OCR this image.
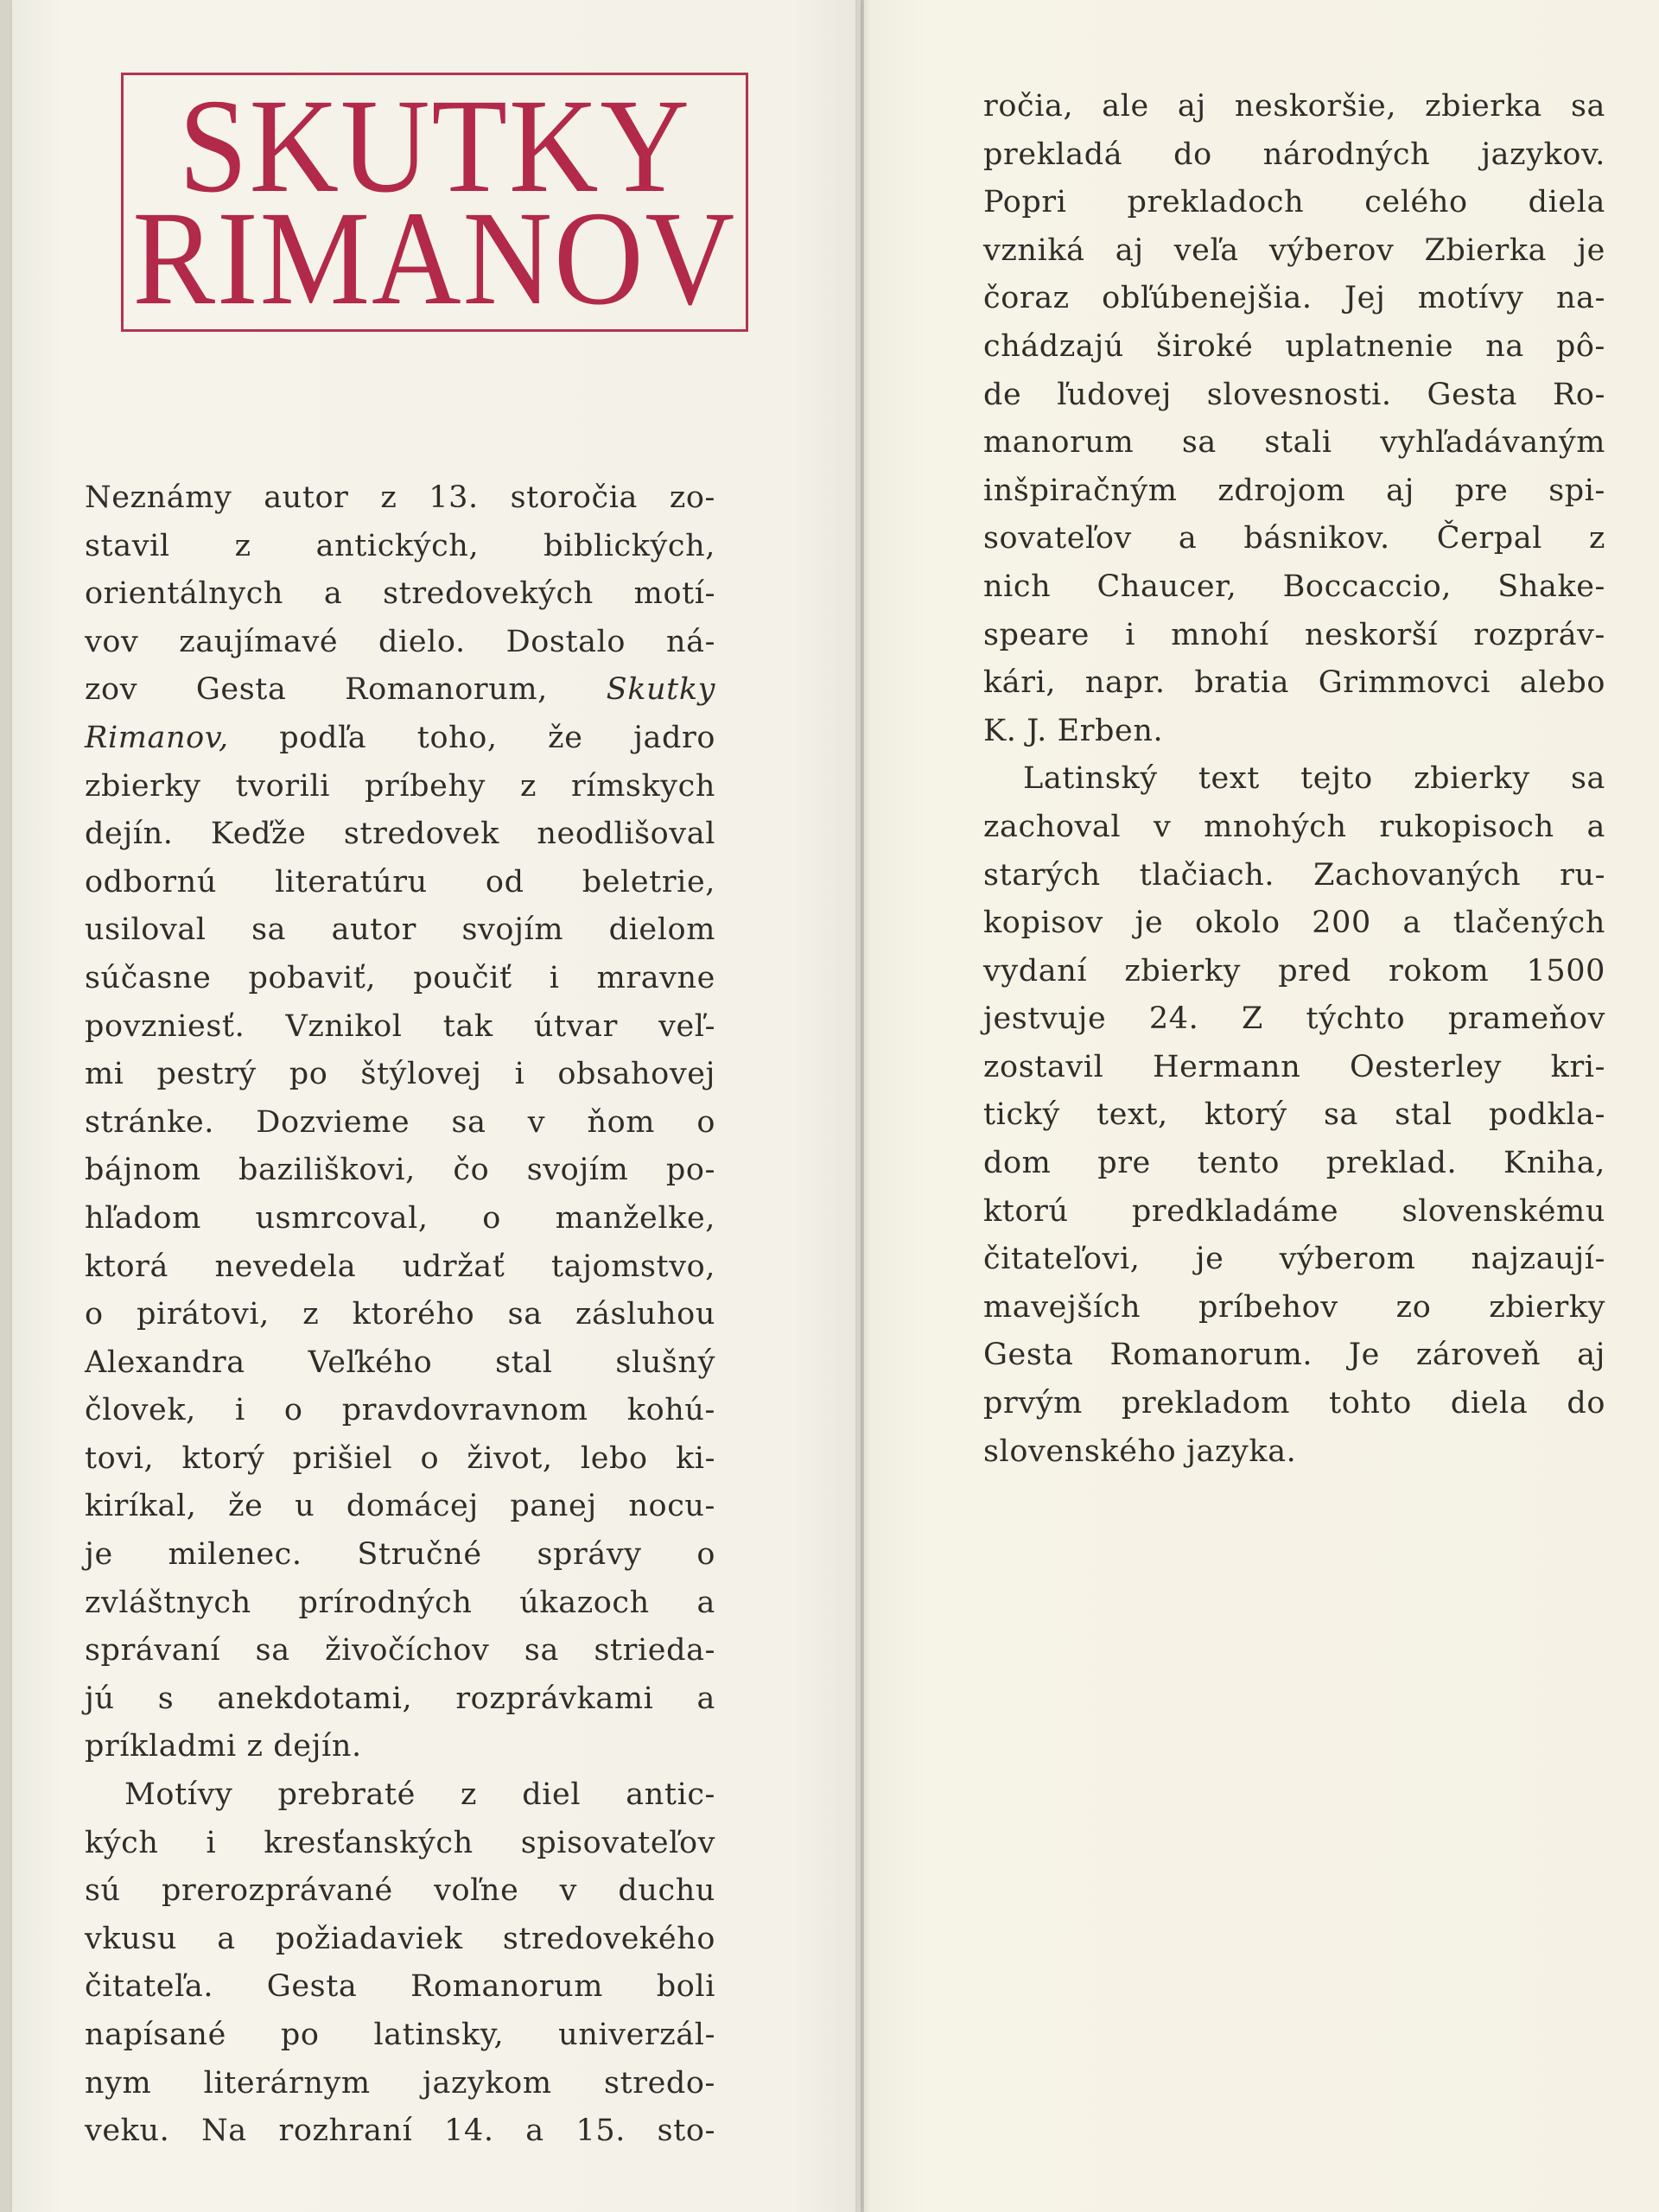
SKUTKY
RIMANOV
Neznámy autor z 13. storočia zo-
stavil z antických, biblických,
orientálnych a stredovekých motí-
vov zaujímavé dielo. Dostalo ná-
zov Gesta Romanorum, Skutky
Rimanov, podľa toho, že jadro
zbierky tvorili príbehy z rímskych
dejín. Keďže stredovek neodlišoval
odbornú literatúru od beletrie,
usiloval sa autor svojím dielom
súčasne pobaviť, poučiť i mravne
povzniesť. Vznikol tak útvar veľ-
mi pestrý po štýlovej i obsahovej
stránke. Dozvieme sa v ňom o
bájnom baziliškovi, čo svojím po-
hľadom usmrcoval, o manželke,
ktorá nevedela udržať tajomstvo,
o pirátovi, z ktorého sa zásluhou
Alexandra Veľkého stal slušný
človek, i o pravdovravnom kohú-
tovi, ktorý prišiel o život, lebo ki-
kiríkal, že u domácej panej nocu-
je milenec. Stručné správy o
zvláštnych prírodných úkazoch a
správaní sa živočíchov sa strieda-
jú s anekdotami, rozprávkami a
príkladmi z dejín.
Motívy prebraté z diel antic-
kých i kresťanských spisovateľov
sú prerozprávané voľne v duchu
vkusu a požiadaviek stredovekého
čitateľa. Gesta Romanorum boli
napísané po latinsky, univerzál-
nym literárnym jazykom stredo-
veku. Na rozhraní 14. a 15. sto-
ročia, ale aj neskoršie, zbierka sa
prekladá do národných jazykov.
Popri prekladoch celého diela
vzniká aj veľa výberov Zbierka je
čoraz obľúbenejšia. Jej motívy na-
chádzajú široké uplatnenie na pô-
de ľudovej slovesnosti. Gesta Ro-
manorum sa stali vyhľadávaným
inšpiračným zdrojom aj pre spi-
sovateľov a básnikov. Čerpal z
nich Chaucer, Boccaccio, Shake-
speare i mnohí neskorší rozpráv-
kári, napr. bratia Grimmovci alebo
K. J. Erben.
Latinský text tejto zbierky sa
zachoval v mnohých rukopisoch a
starých tlačiach. Zachovaných ru-
kopisov je okolo 200 a tlačených
vydaní zbierky pred rokom 1500
jestvuje 24. Z týchto prameňov
zostavil Hermann Oesterley kri-
tický text, ktorý sa stal podkla-
dom pre tento preklad. Kniha,
ktorú predkladáme slovenskému
čitateľovi, je výberom najzaují-
mavejších príbehov zo zbierky
Gesta Romanorum. Je zároveň aj
prvým prekladom tohto diela do
slovenského jazyka.
